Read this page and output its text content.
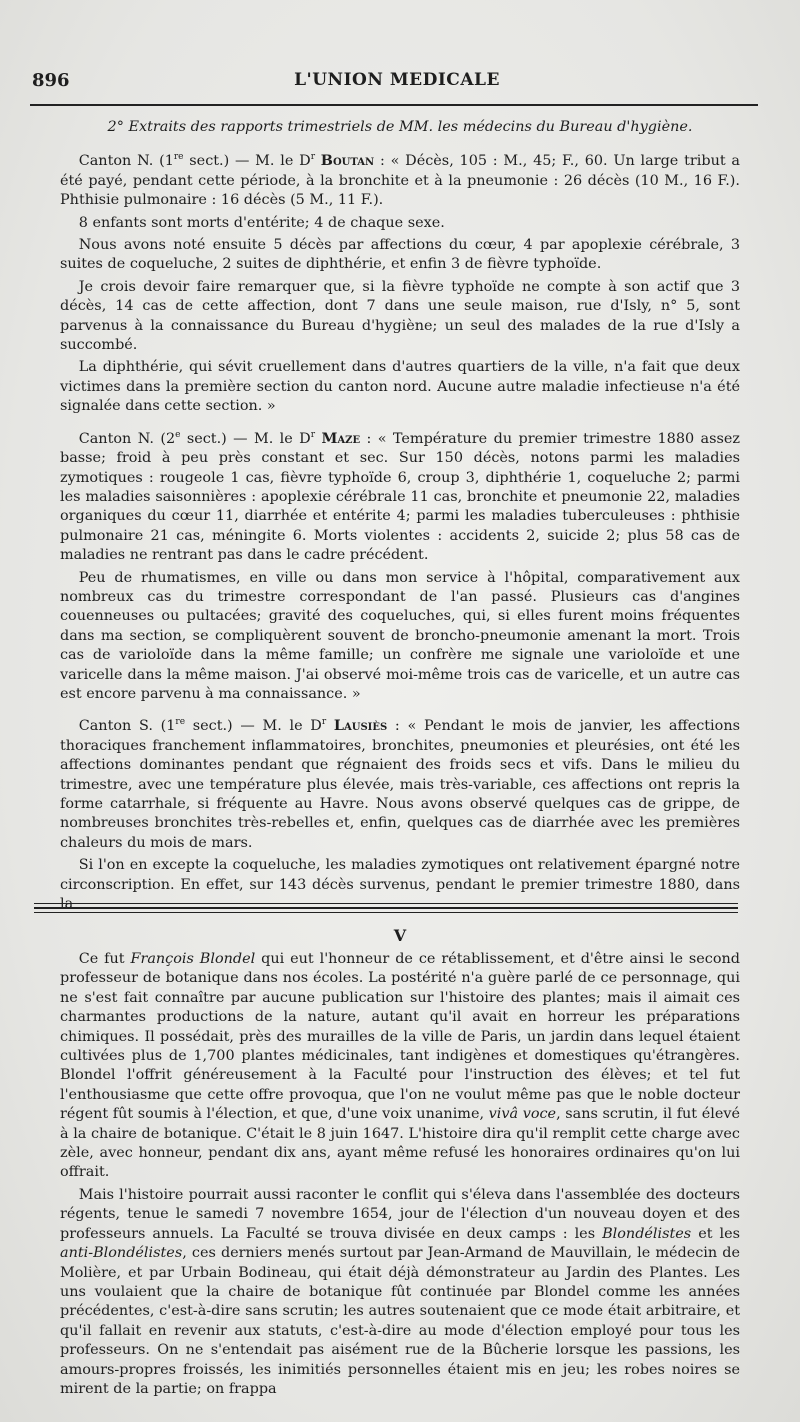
896	L'UNION MEDICALE
2° Extraits des rapports trimestriels de MM. les médecins du Bureau d'hygiène.

Canton N. (1re sect.) — M. le $D^r$ Boutan : « Décès, 105 : M., 45; F., 60. Un large tribut a été payé, pendant cette période, à la bronchite et à la pneumonie : 26 décès (10 M., 16 F.). Phthisie pulmonaire : 16 décès (5 M., 11 F.).

8 enfants sont morts d'entérite; 4 de chaque sexe.

Nous avons noté ensuite 5 décès par affections du cœur, 4 par apoplexie cérébrale, 3 suites de coqueluche, 2 suites de diphthérie, et enfin 3 de fièvre typhoïde.

Je crois devoir faire remarquer que, si la fièvre typhoïde ne compte à son actif que 3 décès, 14 cas de cette affection, dont 7 dans une seule maison, rue d'Isly, n° 5, sont parvenus à la connaissance du Bureau d'hygiène; un seul des malades de la rue d'Isly a succombé.

La diphthérie, qui sévit cruellement dans d'autres quartiers de la ville, n'a fait que deux victimes dans la première section du canton nord. Aucune autre maladie infectieuse n'a été signalée dans cette section. »

Canton N. (2e sect.) — M. le $D^r$ Maze : « Température du premier trimestre 1880 assez basse; froid à peu près constant et sec. Sur 150 décès, notons parmi les maladies zymotiques : rougeole 1 cas, fièvre typhoïde 6, croup 3, diphthérie 1, coqueluche 2; parmi les maladies saisonnières : apoplexie cérébrale 11 cas, bronchite et pneumonie 22, maladies organiques du cœur 11, diarrhée et entérite 4; parmi les maladies tuberculeuses : phthisie pulmonaire 21 cas, méningite 6. Morts violentes : accidents 2, suicide 2; plus 58 cas de maladies ne rentrant pas dans le cadre précédent.

Peu de rhumatismes, en ville ou dans mon service à l'hôpital, comparativement aux nombreux cas du trimestre correspondant de l'an passé. Plusieurs cas d'angines couenneuses ou pultacées; gravité des coqueluches, qui, si elles furent moins fréquentes dans ma section, se compliquèrent souvent de broncho-pneumonie amenant la mort. Trois cas de varioloïde dans la même famille; un confrère me signale une varioloïde et une varicelle dans la même maison. J'ai observé moi-même trois cas de varicelle, et un autre cas est encore parvenu à ma connaissance. »

Canton S. (1re sect.) — M. le $D^r$ Lausiès : « Pendant le mois de janvier, les affections thoraciques franchement inflammatoires, bronchites, pneumonies et pleurésies, ont été les affections dominantes pendant que régnaient des froids secs et vifs. Dans le milieu du trimestre, avec une température plus élevée, mais très-variable, ces affections ont repris la forme catarrhale, si fréquente au Havre. Nous avons observé quelques cas de grippe, de nombreuses bronchites très-rebelles et, enfin, quelques cas de diarrhée avec les premières chaleurs du mois de mars.

Si l'on en excepte la coqueluche, les maladies zymotiques ont relativement épargné notre circonscription. En effet, sur 143 décès survenus, pendant le premier trimestre 1880, dans la

V

Ce fut François Blondel qui eut l'honneur de ce rétablissement, et d'être ainsi le second professeur de botanique dans nos écoles. La postérité n'a guère parlé de ce personnage, qui ne s'est fait connaître par aucune publication sur l'histoire des plantes; mais il aimait ces charmantes productions de la nature, autant qu'il avait en horreur les préparations chimiques. Il possédait, près des murailles de la ville de Paris, un jardin dans lequel étaient cultivées plus de 1,700 plantes médicinales, tant indigènes et domestiques qu'étrangères. Blondel l'offrit généreusement à la Faculté pour l'instruction des élèves; et tel fut l'enthousiasme que cette offre provoqua, que l'on ne voulut même pas que le noble docteur régent fût soumis à l'élection, et que, d'une voix unanime, vivâ voce, sans scrutin, il fut élevé à la chaire de botanique. C'était le 8 juin 1647. L'histoire dira qu'il remplit cette charge avec zèle, avec honneur, pendant dix ans, ayant même refusé les honoraires ordinaires qu'on lui offrait.

Mais l'histoire pourrait aussi raconter le conflit qui s'éleva dans l'assemblée des docteurs régents, tenue le samedi 7 novembre 1654, jour de l'élection d'un nouveau doyen et des professeurs annuels. La Faculté se trouva divisée en deux camps : les Blondélistes et les anti-Blondélistes, ces derniers menés surtout par Jean-Armand de Mauvillain, le médecin de Molière, et par Urbain Bodineau, qui était déjà démonstrateur au Jardin des Plantes. Les uns voulaient que la chaire de botanique fût continuée par Blondel comme les années précédentes, c'est-à-dire sans scrutin; les autres soutenaient que ce mode était arbitraire, et qu'il fallait en revenir aux statuts, c'est-à-dire au mode d'élection employé pour tous les professeurs. On ne s'entendait pas aisément rue de la Bûcherie lorsque les passions, les amours-propres froissés, les inimitiés personnelles étaient mis en jeu; les robes noires se mirent de la partie; on frappa
